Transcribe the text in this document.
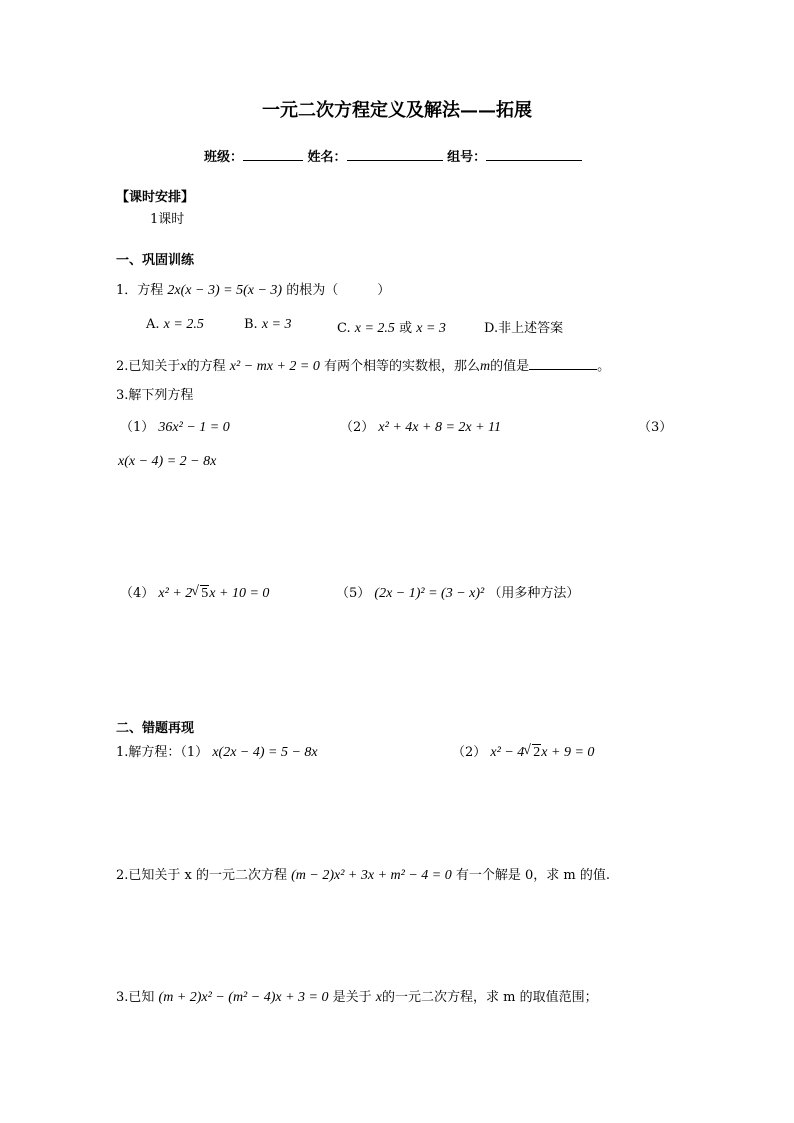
一元二次方程定义及解法——拓展
班级：	姓名：	组号：
【课时安排】
1课时
一、巩固训练
1．方程 2x(x − 3) = 5(x − 3) 的根为（　　　）
A. x = 2.5	B. x = 3	C. x = 2.5 或 x = 3	D.非上述答案
2.已知关于x的方程 x² − mx + 2 = 0 有两个相等的实数根，那么m的值是	。
3.解下列方程
（1） 36x² − 1 = 0	（2） x² + 4x + 8 = 2x + 11	（3）
x(x − 4) = 2 − 8x
（4） x² + 2 √ 5x + 10 = 0	（5） (2x − 1)² = (3 − x)² （用多种方法）
二、错题再现
1.解方程：（1） x(2x − 4) = 5 − 8x	（2） x² − 4 √ 2x + 9 = 0
2.已知关于 x 的一元二次方程 (m − 2)x² + 3x + m² − 4 = 0 有一个解是 0，求 m 的值.
3.已知 (m + 2)x² − (m² − 4)x + 3 = 0 是关于 x的一元二次方程，求 m 的取值范围；
